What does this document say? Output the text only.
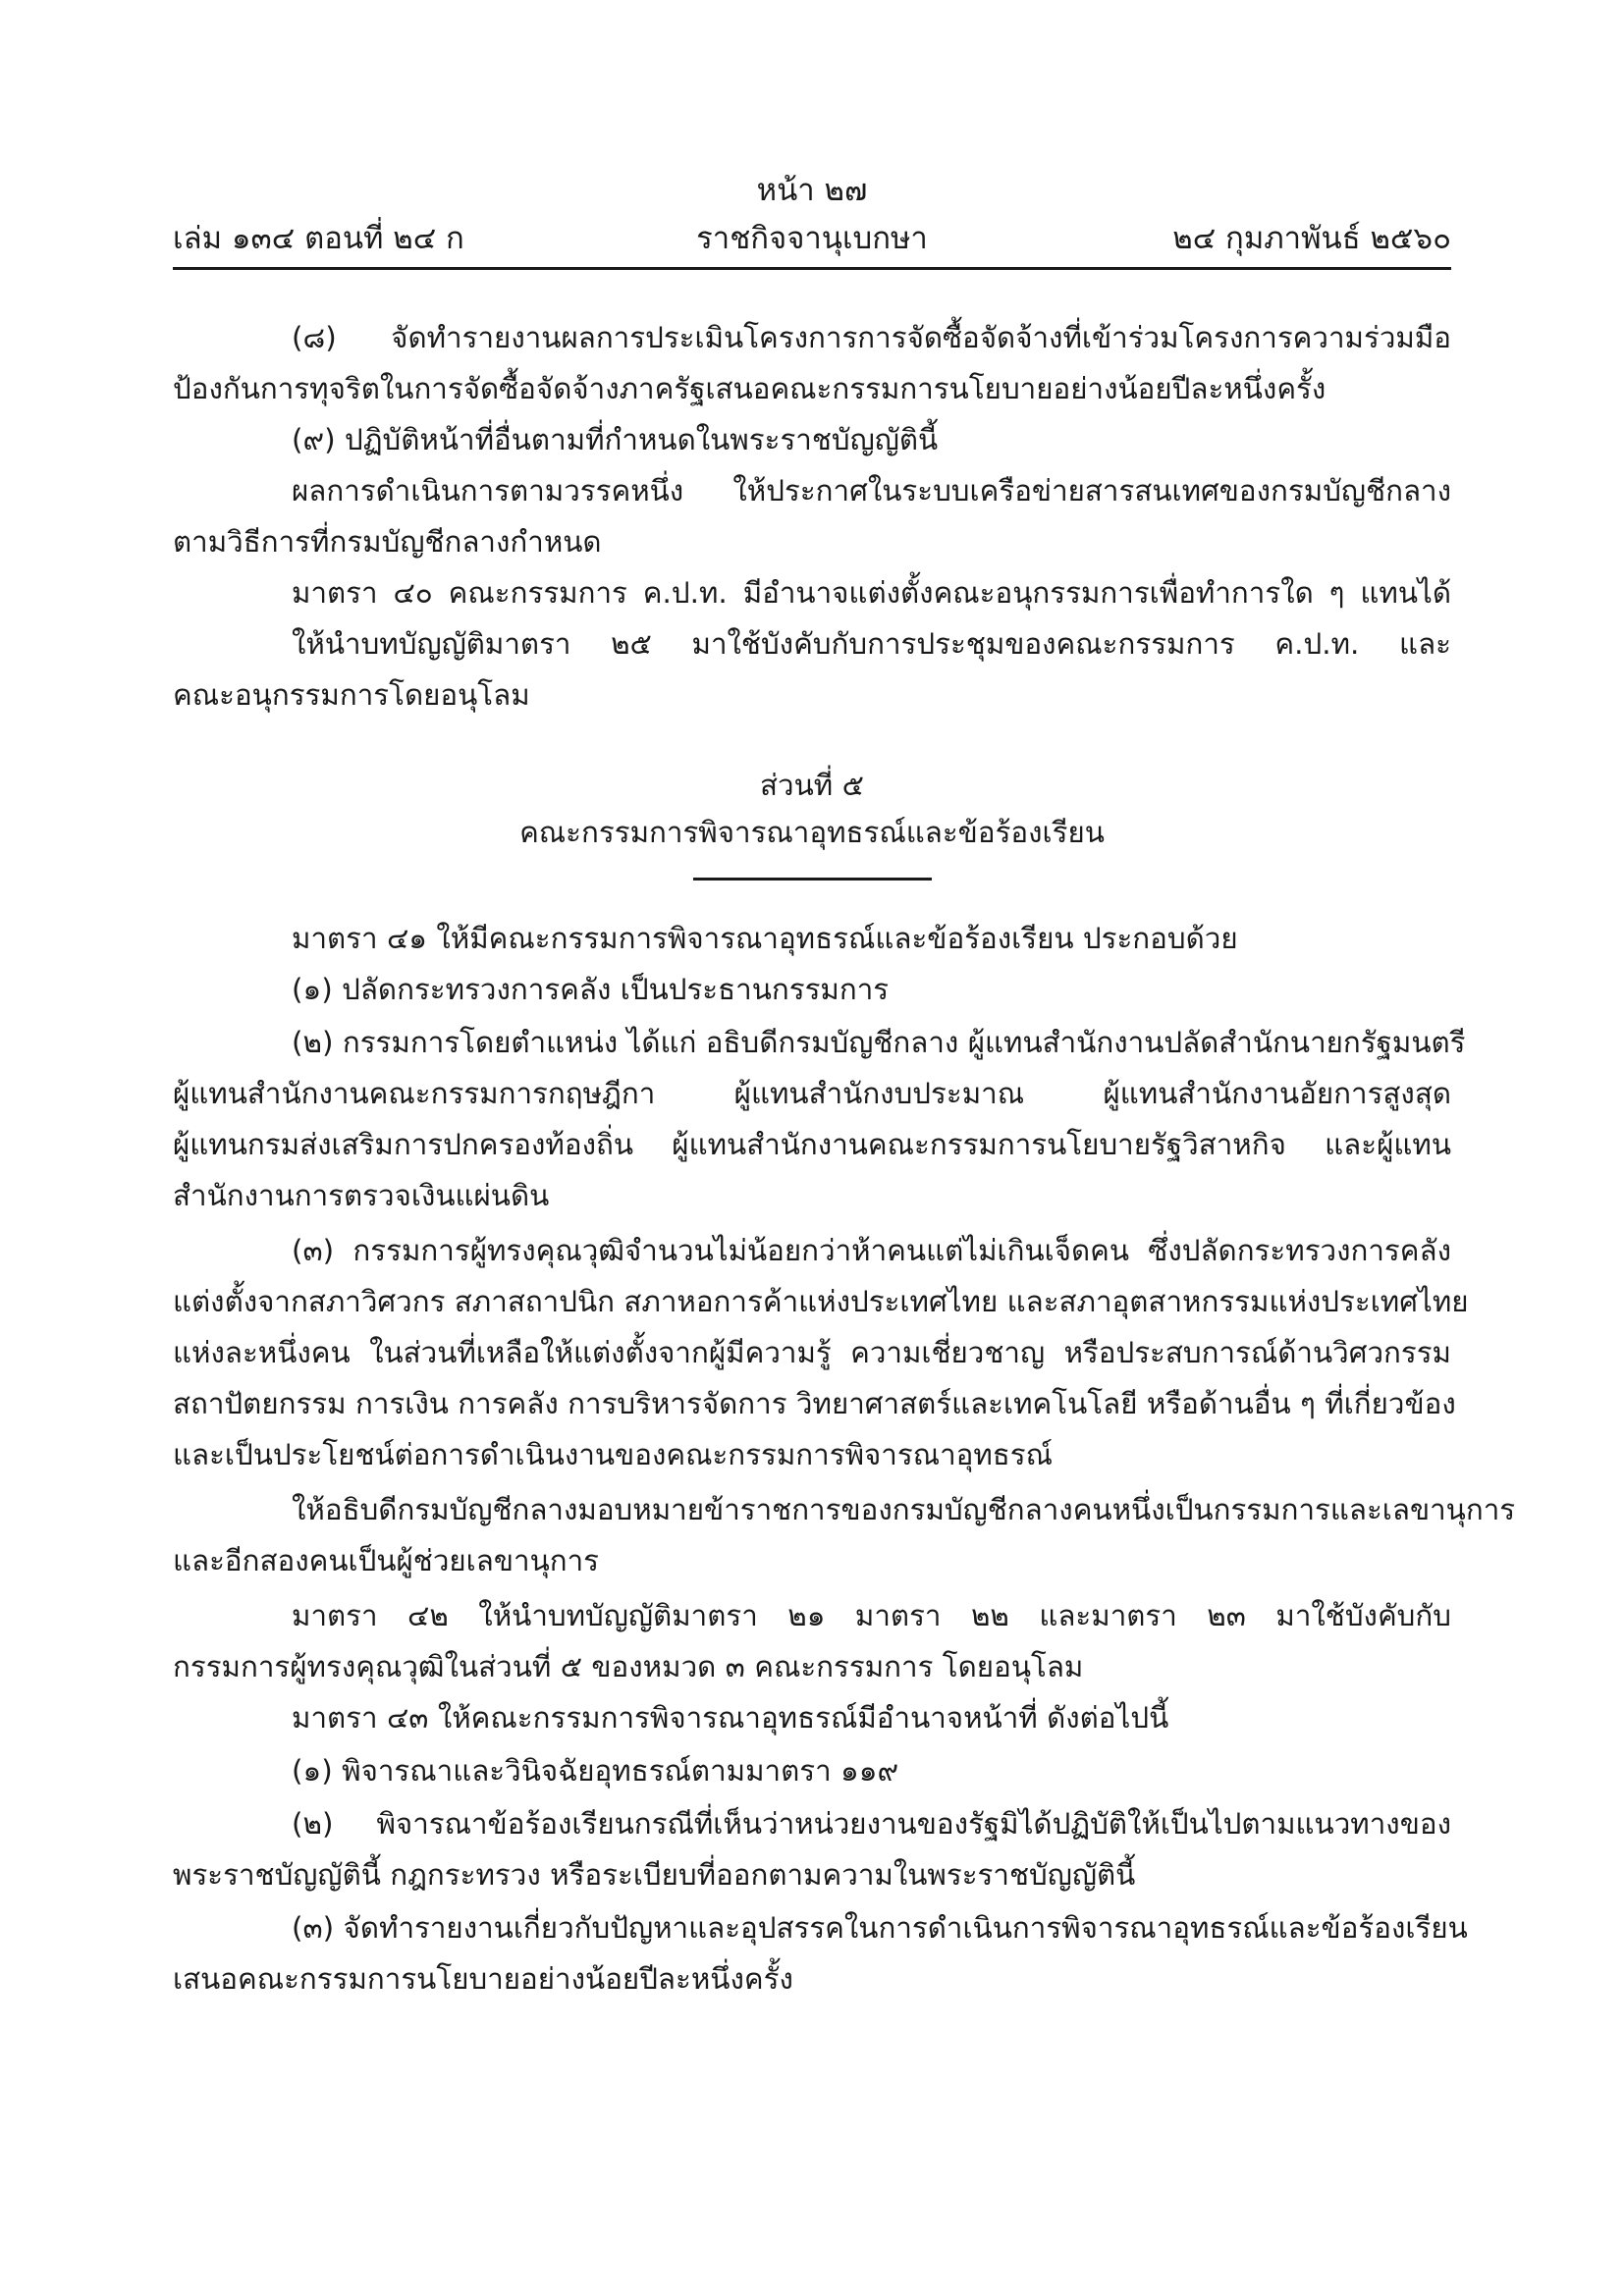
หน้า ๒๗
ราชกิจจานุเบกษา
เล่ม ๑๓๔ ตอนที่ ๒๔ ก	๒๔ กุมภาพันธ์ ๒๕๖๐
(๘) จัดทำรายงานผลการประเมินโครงการการจัดซื้อจัดจ้างที่เข้าร่วมโครงการความร่วมมือ
ป้องกันการทุจริตในการจัดซื้อจัดจ้างภาครัฐเสนอคณะกรรมการนโยบายอย่างน้อยปีละหนึ่งครั้ง
(๙) ปฏิบัติหน้าที่อื่นตามที่กำหนดในพระราชบัญญัตินี้
ผลการดำเนินการตามวรรคหนึ่ง ให้ประกาศในระบบเครือข่ายสารสนเทศของกรมบัญชีกลาง
ตามวิธีการที่กรมบัญชีกลางกำหนด
มาตรา ๔๐ คณะกรรมการ ค.ป.ท. มีอำนาจแต่งตั้งคณะอนุกรรมการเพื่อทำการใด ๆ แทนได้
ให้นำบทบัญญัติมาตรา ๒๕ มาใช้บังคับกับการประชุมของคณะกรรมการ ค.ป.ท. และ
คณะอนุกรรมการโดยอนุโลม
ส่วนที่ ๕
คณะกรรมการพิจารณาอุทธรณ์และข้อร้องเรียน
มาตรา ๔๑ ให้มีคณะกรรมการพิจารณาอุทธรณ์และข้อร้องเรียน ประกอบด้วย
(๑) ปลัดกระทรวงการคลัง เป็นประธานกรรมการ
(๒) กรรมการโดยตำแหน่ง ได้แก่ อธิบดีกรมบัญชีกลาง ผู้แทนสำนักงานปลัดสำนักนายกรัฐมนตรี
ผู้แทนสำนักงานคณะกรรมการกฤษฎีกา ผู้แทนสำนักงบประมาณ ผู้แทนสำนักงานอัยการสูงสุด
ผู้แทนกรมส่งเสริมการปกครองท้องถิ่น ผู้แทนสำนักงานคณะกรรมการนโยบายรัฐวิสาหกิจ และผู้แทน
สำนักงานการตรวจเงินแผ่นดิน
(๓) กรรมการผู้ทรงคุณวุฒิจำนวนไม่น้อยกว่าห้าคนแต่ไม่เกินเจ็ดคน ซึ่งปลัดกระทรวงการคลัง
แต่งตั้งจากสภาวิศวกร สภาสถาปนิก สภาหอการค้าแห่งประเทศไทย และสภาอุตสาหกรรมแห่งประเทศไทย
แห่งละหนึ่งคน ในส่วนที่เหลือให้แต่งตั้งจากผู้มีความรู้ ความเชี่ยวชาญ หรือประสบการณ์ด้านวิศวกรรม
สถาปัตยกรรม การเงิน การคลัง การบริหารจัดการ วิทยาศาสตร์และเทคโนโลยี หรือด้านอื่น ๆ ที่เกี่ยวข้อง
และเป็นประโยชน์ต่อการดำเนินงานของคณะกรรมการพิจารณาอุทธรณ์
ให้อธิบดีกรมบัญชีกลางมอบหมายข้าราชการของกรมบัญชีกลางคนหนึ่งเป็นกรรมการและเลขานุการ
และอีกสองคนเป็นผู้ช่วยเลขานุการ
มาตรา ๔๒ ให้นำบทบัญญัติมาตรา ๒๑ มาตรา ๒๒ และมาตรา ๒๓ มาใช้บังคับกับ
กรรมการผู้ทรงคุณวุฒิในส่วนที่ ๕ ของหมวด ๓ คณะกรรมการ โดยอนุโลม
มาตรา ๔๓ ให้คณะกรรมการพิจารณาอุทธรณ์มีอำนาจหน้าที่ ดังต่อไปนี้
(๑) พิจารณาและวินิจฉัยอุทธรณ์ตามมาตรา ๑๑๙
(๒) พิจารณาข้อร้องเรียนกรณีที่เห็นว่าหน่วยงานของรัฐมิได้ปฏิบัติให้เป็นไปตามแนวทางของ
พระราชบัญญัตินี้ กฎกระทรวง หรือระเบียบที่ออกตามความในพระราชบัญญัตินี้
(๓) จัดทำรายงานเกี่ยวกับปัญหาและอุปสรรคในการดำเนินการพิจารณาอุทธรณ์และข้อร้องเรียน
เสนอคณะกรรมการนโยบายอย่างน้อยปีละหนึ่งครั้ง
